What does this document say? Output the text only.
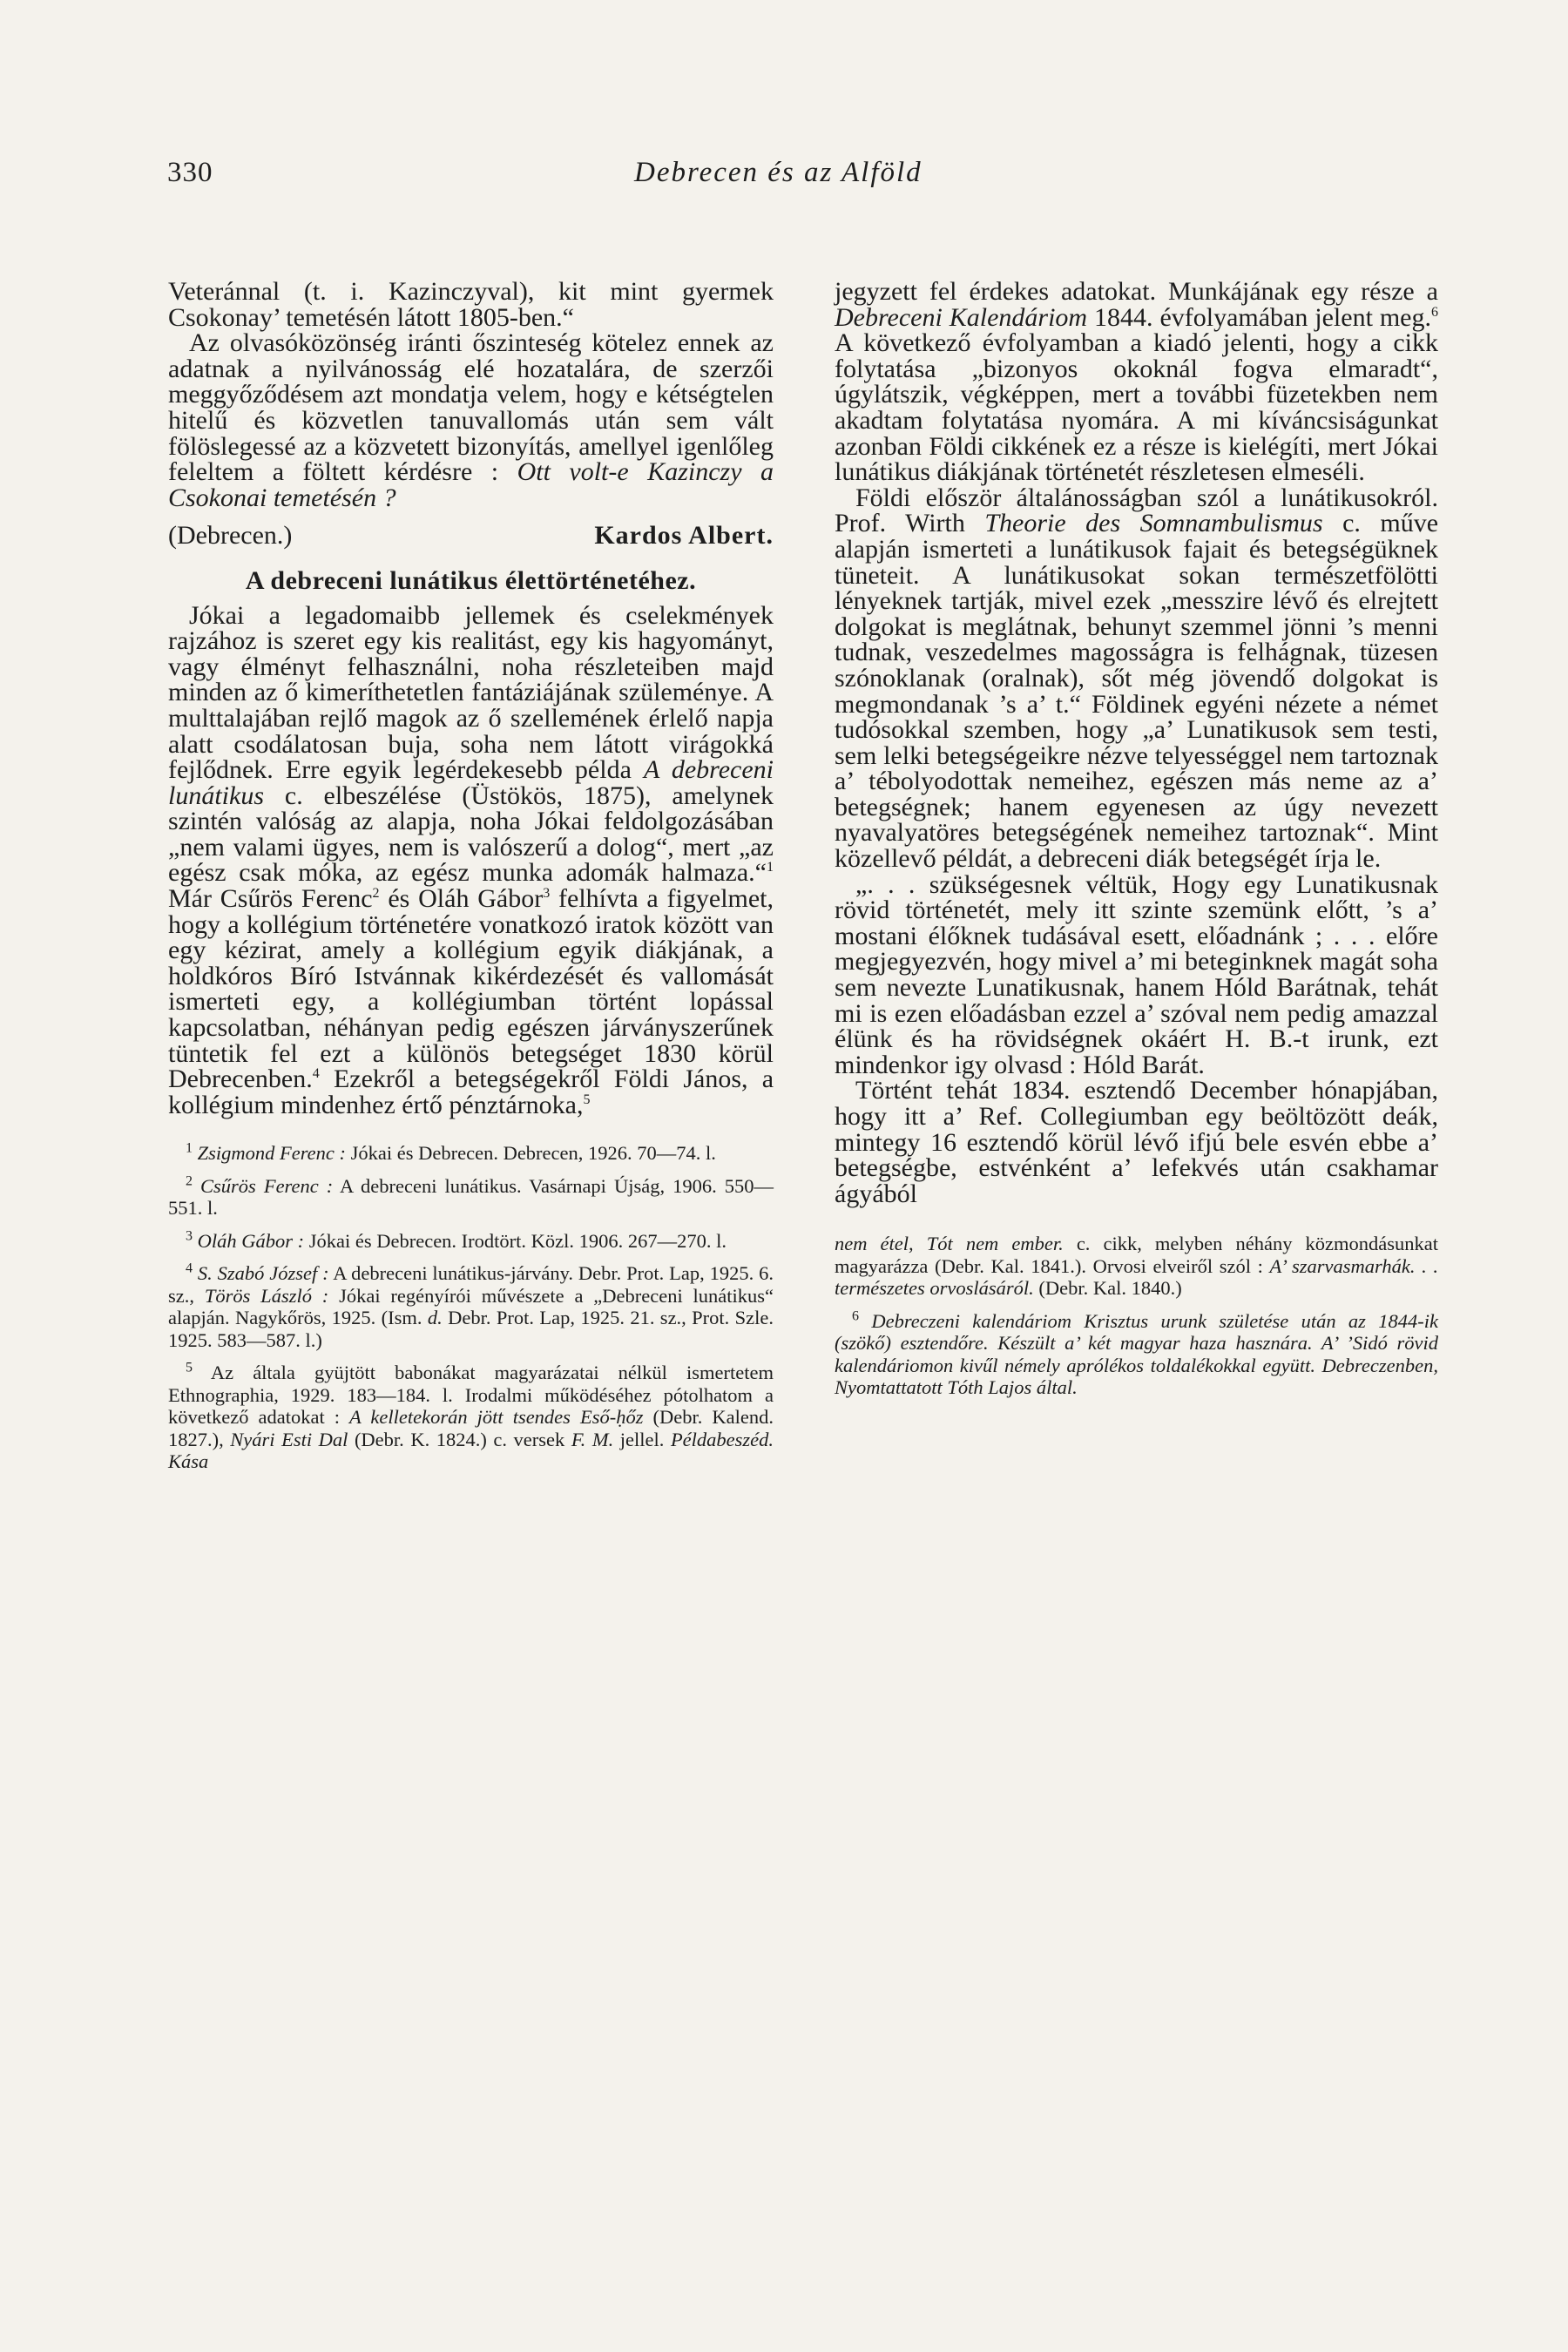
330	Debrecen és az Alföld

Veteránnal (t. i. Kazinczyval), kit mint gyermek Csokonay’ temetésén látott 1805-ben.“

Az olvasóközönség iránti őszinteség kötelez ennek az adatnak a nyilvánosság elé hozatalára, de szerzői meggyőződésem azt mondatja velem, hogy e kétségtelen hitelű és közvetlen tanuvallomás után sem vált fölöslegessé az a közvetett bizonyítás, amellyel igenlőleg feleltem a föltett kérdésre : Ott volt-e Kazinczy a Csokonai temetésén ?

(Debrecen.)	Kardos Albert.
A debreceni lunátikus élettörténetéhez.

Jókai a legadomaibb jellemek és cselekmények rajzához is szeret egy kis realitást, egy kis hagyományt, vagy élményt felhasználni, noha részleteiben majd minden az ő kimeríthetetlen fantáziájának szüleménye. A multtalajában rejlő magok az ő szellemének érlelő napja alatt csodálatosan buja, soha nem látott virágokká fejlődnek. Erre egyik legérdekesebb példa A debreceni lunátikus c. elbeszélése (Üstökös, 1875), amelynek szintén valóság az alapja, noha Jókai feldolgozásában „nem valami ügyes, nem is valószerű a dolog“, mert „az egész csak móka, az egész munka adomák halmaza.“$^1$ Már Csűrös Ferenc$^2$ és Oláh Gábor$^3$ felhívta a figyelmet, hogy a kollégium történetére vonatkozó iratok között van egy kézirat, amely a kollégium egyik diákjának, a holdkóros Bíró Istvánnak kikérdezését és vallomását ismerteti egy, a kollégiumban történt lopással kapcsolatban, néhányan pedig egészen járványszerűnek tüntetik fel ezt a különös betegséget 1830 körül Debrecenben.$^4$ Ezekről a betegségekről Földi János, a kollégium mindenhez értő pénztárnoka,$^5$

$^1$ Zsigmond Ferenc : Jókai és Debrecen. Debrecen, 1926. 70—74. l.

$^2$ Csűrös Ferenc : A debreceni lunátikus. Vasárnapi Újság, 1906. 550—551. l.

$^3$ Oláh Gábor : Jókai és Debrecen. Irodtört. Közl. 1906. 267—270. l.

$^4$ S. Szabó József : A debreceni lunátikus-járvány. Debr. Prot. Lap, 1925. 6. sz., Törös László : Jókai regényírói művészete a „Debreceni lunátikus“ alapján. Nagykőrös, 1925. (Ism. d. Debr. Prot. Lap, 1925. 21. sz., Prot. Szle. 1925. 583—587. l.)

$^5$ Az általa gyüjtött babonákat magyarázatai nélkül ismertetem Ethnographia, 1929. 183—184. l. Irodalmi működéséhez pótolhatom a következő adatokat : A kelletekorán jött tsendes Eső-ḥőz (Debr. Kalend. 1827.), Nyári Esti Dal (Debr. K. 1824.) c. versek F. M. jellel. Példabeszéd. Kása

jegyzett fel érdekes adatokat. Munkájának egy része a Debreceni Kalendáriom 1844. évfolyamában jelent meg.$^6$ A következő évfolyamban a kiadó jelenti, hogy a cikk folytatása „bizonyos okoknál fogva elmaradt“, úgylátszik, végképpen, mert a további füzetekben nem akadtam folytatása nyomára. A mi kíváncsiságunkat azonban Földi cikkének ez a része is kielégíti, mert Jókai lunátikus diákjának történetét részletesen elmeséli.

Földi először általánosságban szól a lunátikusokról. Prof. Wirth Theorie des Somnambulismus c. műve alapján ismerteti a lunátikusok fajait és betegségüknek tüneteit. A lunátikusokat sokan természetfölötti lényeknek tartják, mivel ezek „messzire lévő és elrejtett dolgokat is meglátnak, behunyt szemmel jönni ’s menni tudnak, veszedelmes magosságra is felhágnak, tüzesen szónoklanak (oralnak), sőt még jövendő dolgokat is megmondanak ’s a’ t.“ Földinek egyéni nézete a német tudósokkal szemben, hogy „a’ Lunatikusok sem testi, sem lelki betegségeikre nézve telyességgel nem tartoznak a’ tébolyodottak nemeihez, egészen más neme az a’ betegségnek; hanem egyenesen az úgy nevezett nyavalyatöres betegségének nemeihez tartoznak“. Mint közellevő példát, a debreceni diák betegségét írja le.

„. . . szükségesnek véltük, Hogy egy Lunatikusnak rövid történetét, mely itt szinte szemünk előtt, ’s a’ mostani élőknek tudásával esett, előadnánk ; . . . előre megjegyezvén, hogy mivel a’ mi beteginknek magát soha sem nevezte Lunatikusnak, hanem Hóld Barátnak, tehát mi is ezen előadásban ezzel a’ szóval nem pedig amazzal élünk és ha rövidségnek okáért H. B.-t irunk, ezt mindenkor igy olvasd : Hóld Barát.

Történt tehát 1834. esztendő December hónapjában, hogy itt a’ Ref. Collegiumban egy beöltözött deák, mintegy 16 esztendő körül lévő ifjú bele esvén ebbe a’ betegségbe, estvénként a’ lefekvés után csakhamar ágyából

nem étel, Tót nem ember. c. cikk, melyben néhány közmondásunkat magyarázza (Debr. Kal. 1841.). Orvosi elveiről szól : A’ szarvasmarhák. . . természetes orvoslásáról. (Debr. Kal. 1840.)

$^6$ Debreczeni kalendáriom Krisztus urunk születése után az 1844-ik (szökő) esztendőre. Készült a’ két magyar haza hasznára. A’ ’Sidó rövid kalendáriomon kivűl némely aprólékos toldalékokkal együtt. Debreczenben, Nyomtattatott Tóth Lajos által.
